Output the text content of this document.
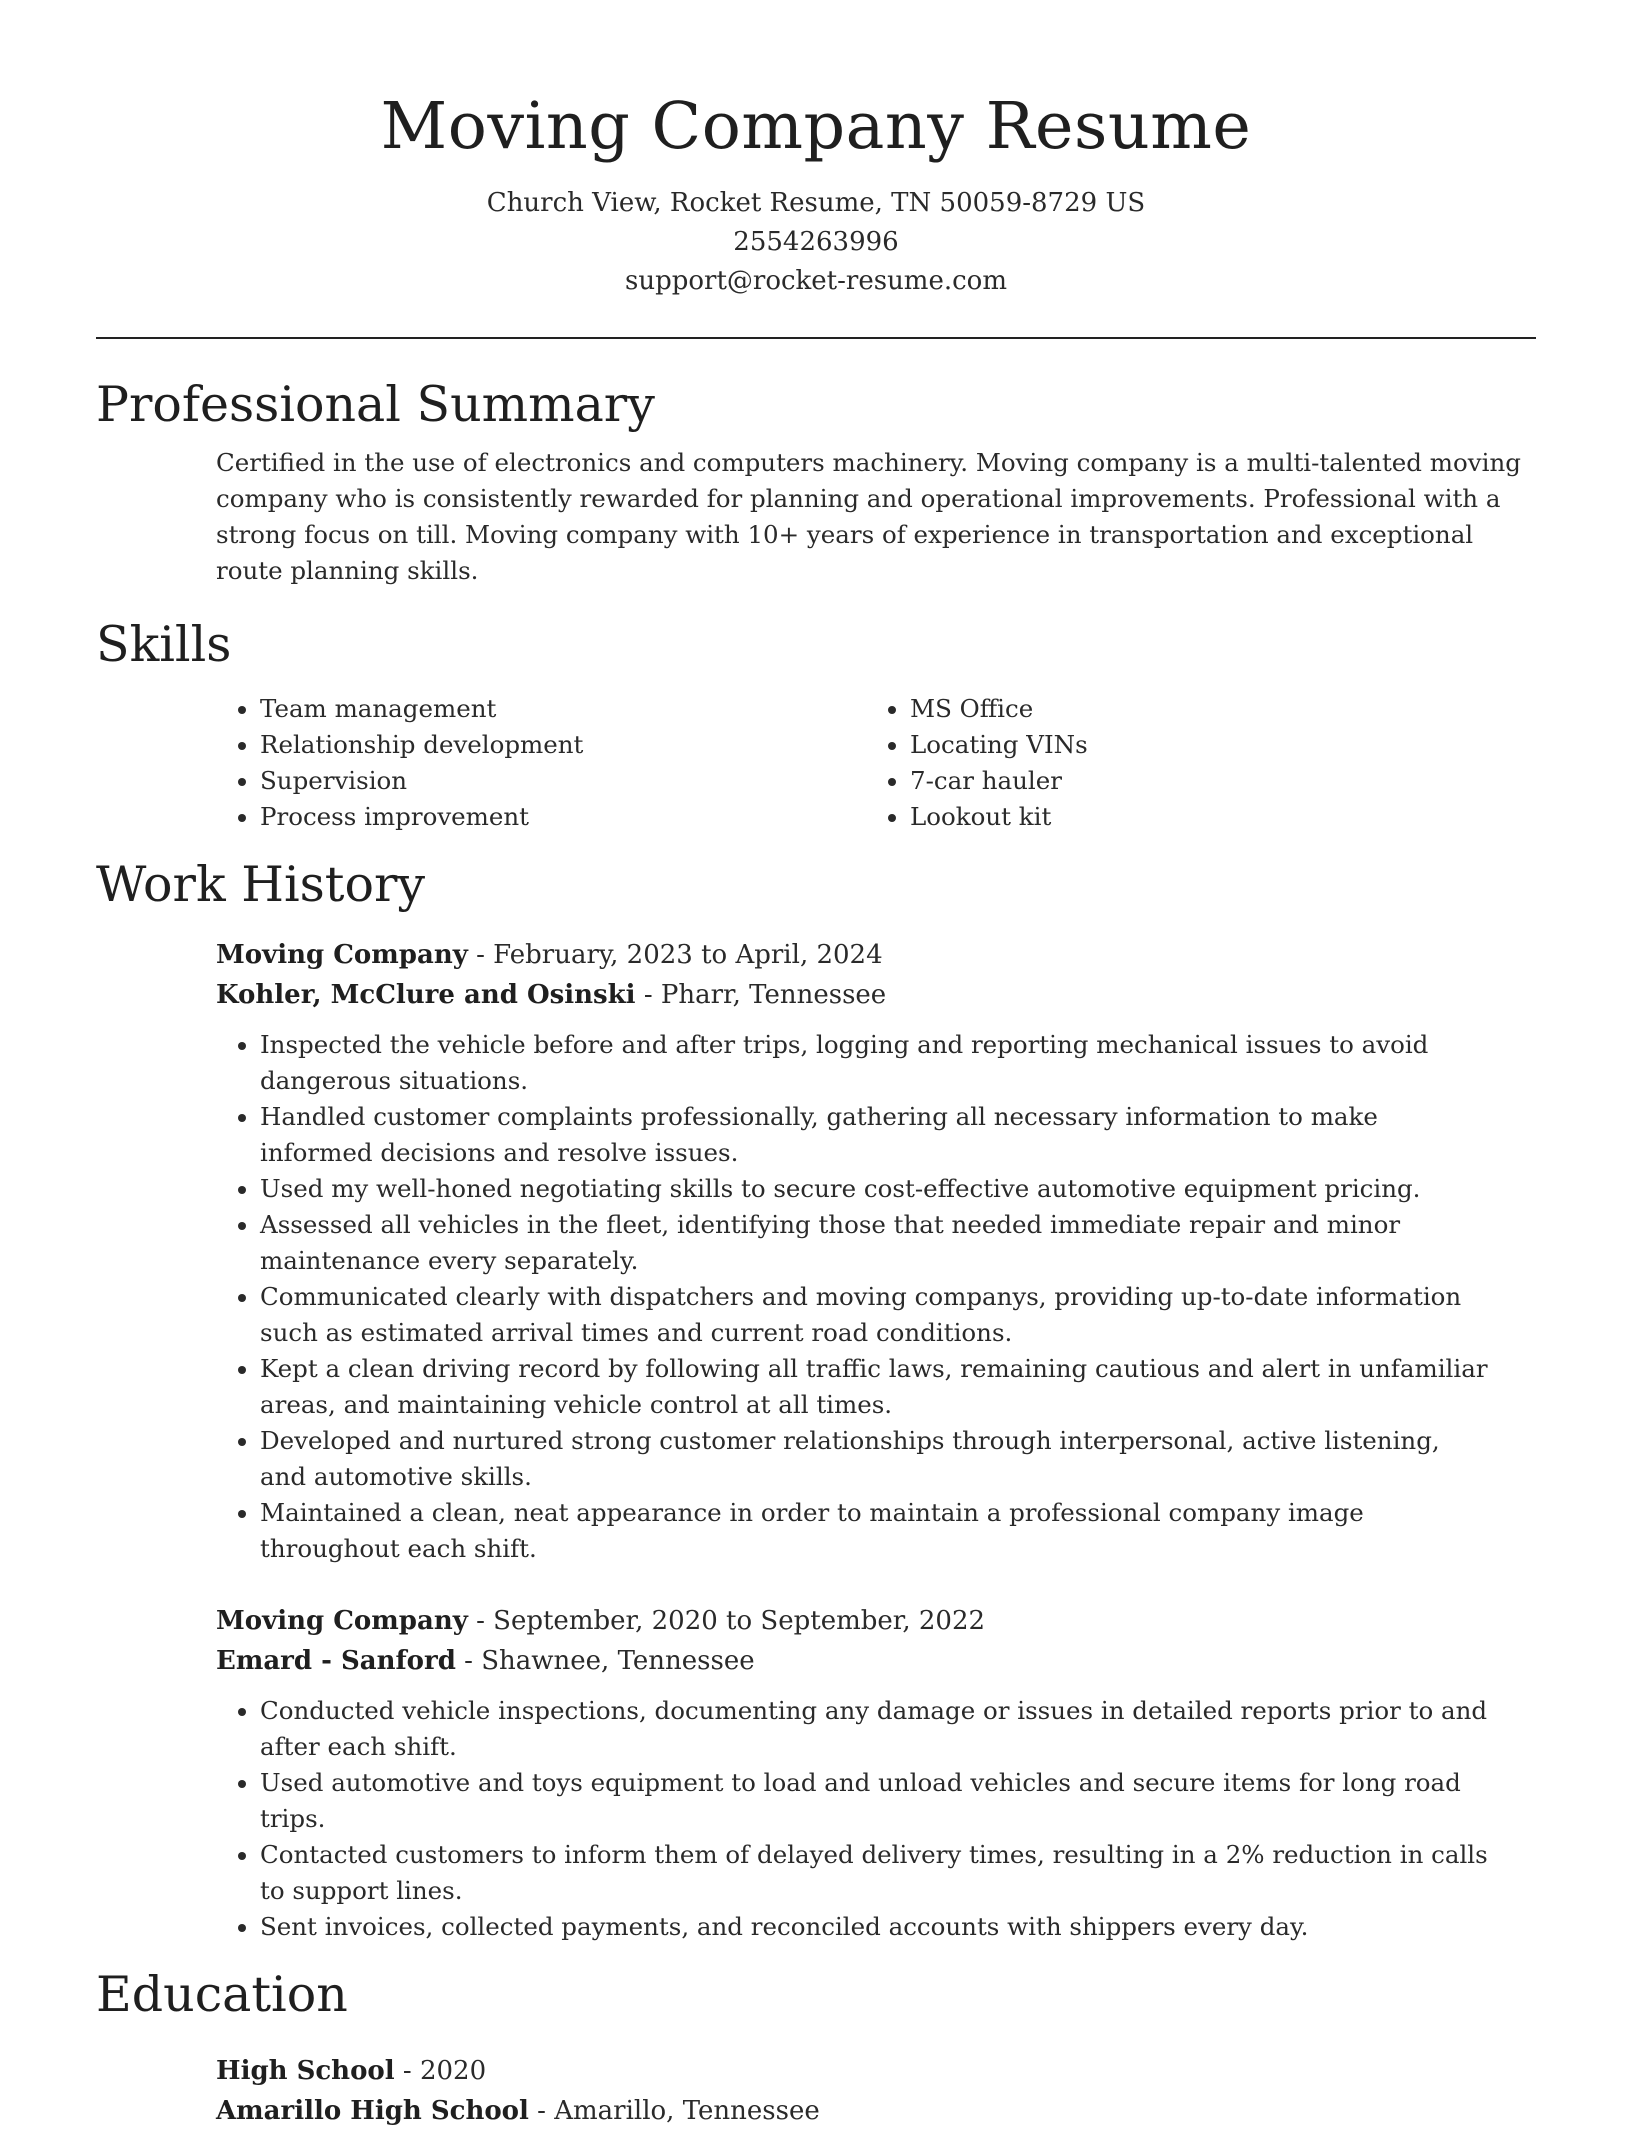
Moving Company Resume
Church View, Rocket Resume, TN 50059-8729 US
2554263996
support@rocket-resume.com
Professional Summary

Certified in the use of electronics and computers machinery. Moving company is a multi-talented moving company who is consistently rewarded for planning and operational improvements. Professional with a strong focus on till. Moving company with 10+ years of experience in transportation and exceptional route planning skills.

Skills
• Team management
• Relationship development
• Supervision
• Process improvement
• MS Office
• Locating VINs
• 7-car hauler
• Lookout kit
Work History
Moving Company - February, 2023 to April, 2024
Kohler, McClure and Osinski - Pharr, Tennessee
• Inspected the vehicle before and after trips, logging and reporting mechanical issues to avoid dangerous situations.
• Handled customer complaints professionally, gathering all necessary information to make informed decisions and resolve issues.
• Used my well-honed negotiating skills to secure cost-effective automotive equipment pricing.
• Assessed all vehicles in the fleet, identifying those that needed immediate repair and minor maintenance every separately.
• Communicated clearly with dispatchers and moving companys, providing up-to-date information such as estimated arrival times and current road conditions.
• Kept a clean driving record by following all traffic laws, remaining cautious and alert in unfamiliar areas, and maintaining vehicle control at all times.
• Developed and nurtured strong customer relationships through interpersonal, active listening, and automotive skills.
• Maintained a clean, neat appearance in order to maintain a professional company image throughout each shift.
Moving Company - September, 2020 to September, 2022
Emard - Sanford - Shawnee, Tennessee
• Conducted vehicle inspections, documenting any damage or issues in detailed reports prior to and after each shift.
• Used automotive and toys equipment to load and unload vehicles and secure items for long road trips.
• Contacted customers to inform them of delayed delivery times, resulting in a 2% reduction in calls to support lines.
• Sent invoices, collected payments, and reconciled accounts with shippers every day.
Education
High School - 2020
Amarillo High School - Amarillo, Tennessee
